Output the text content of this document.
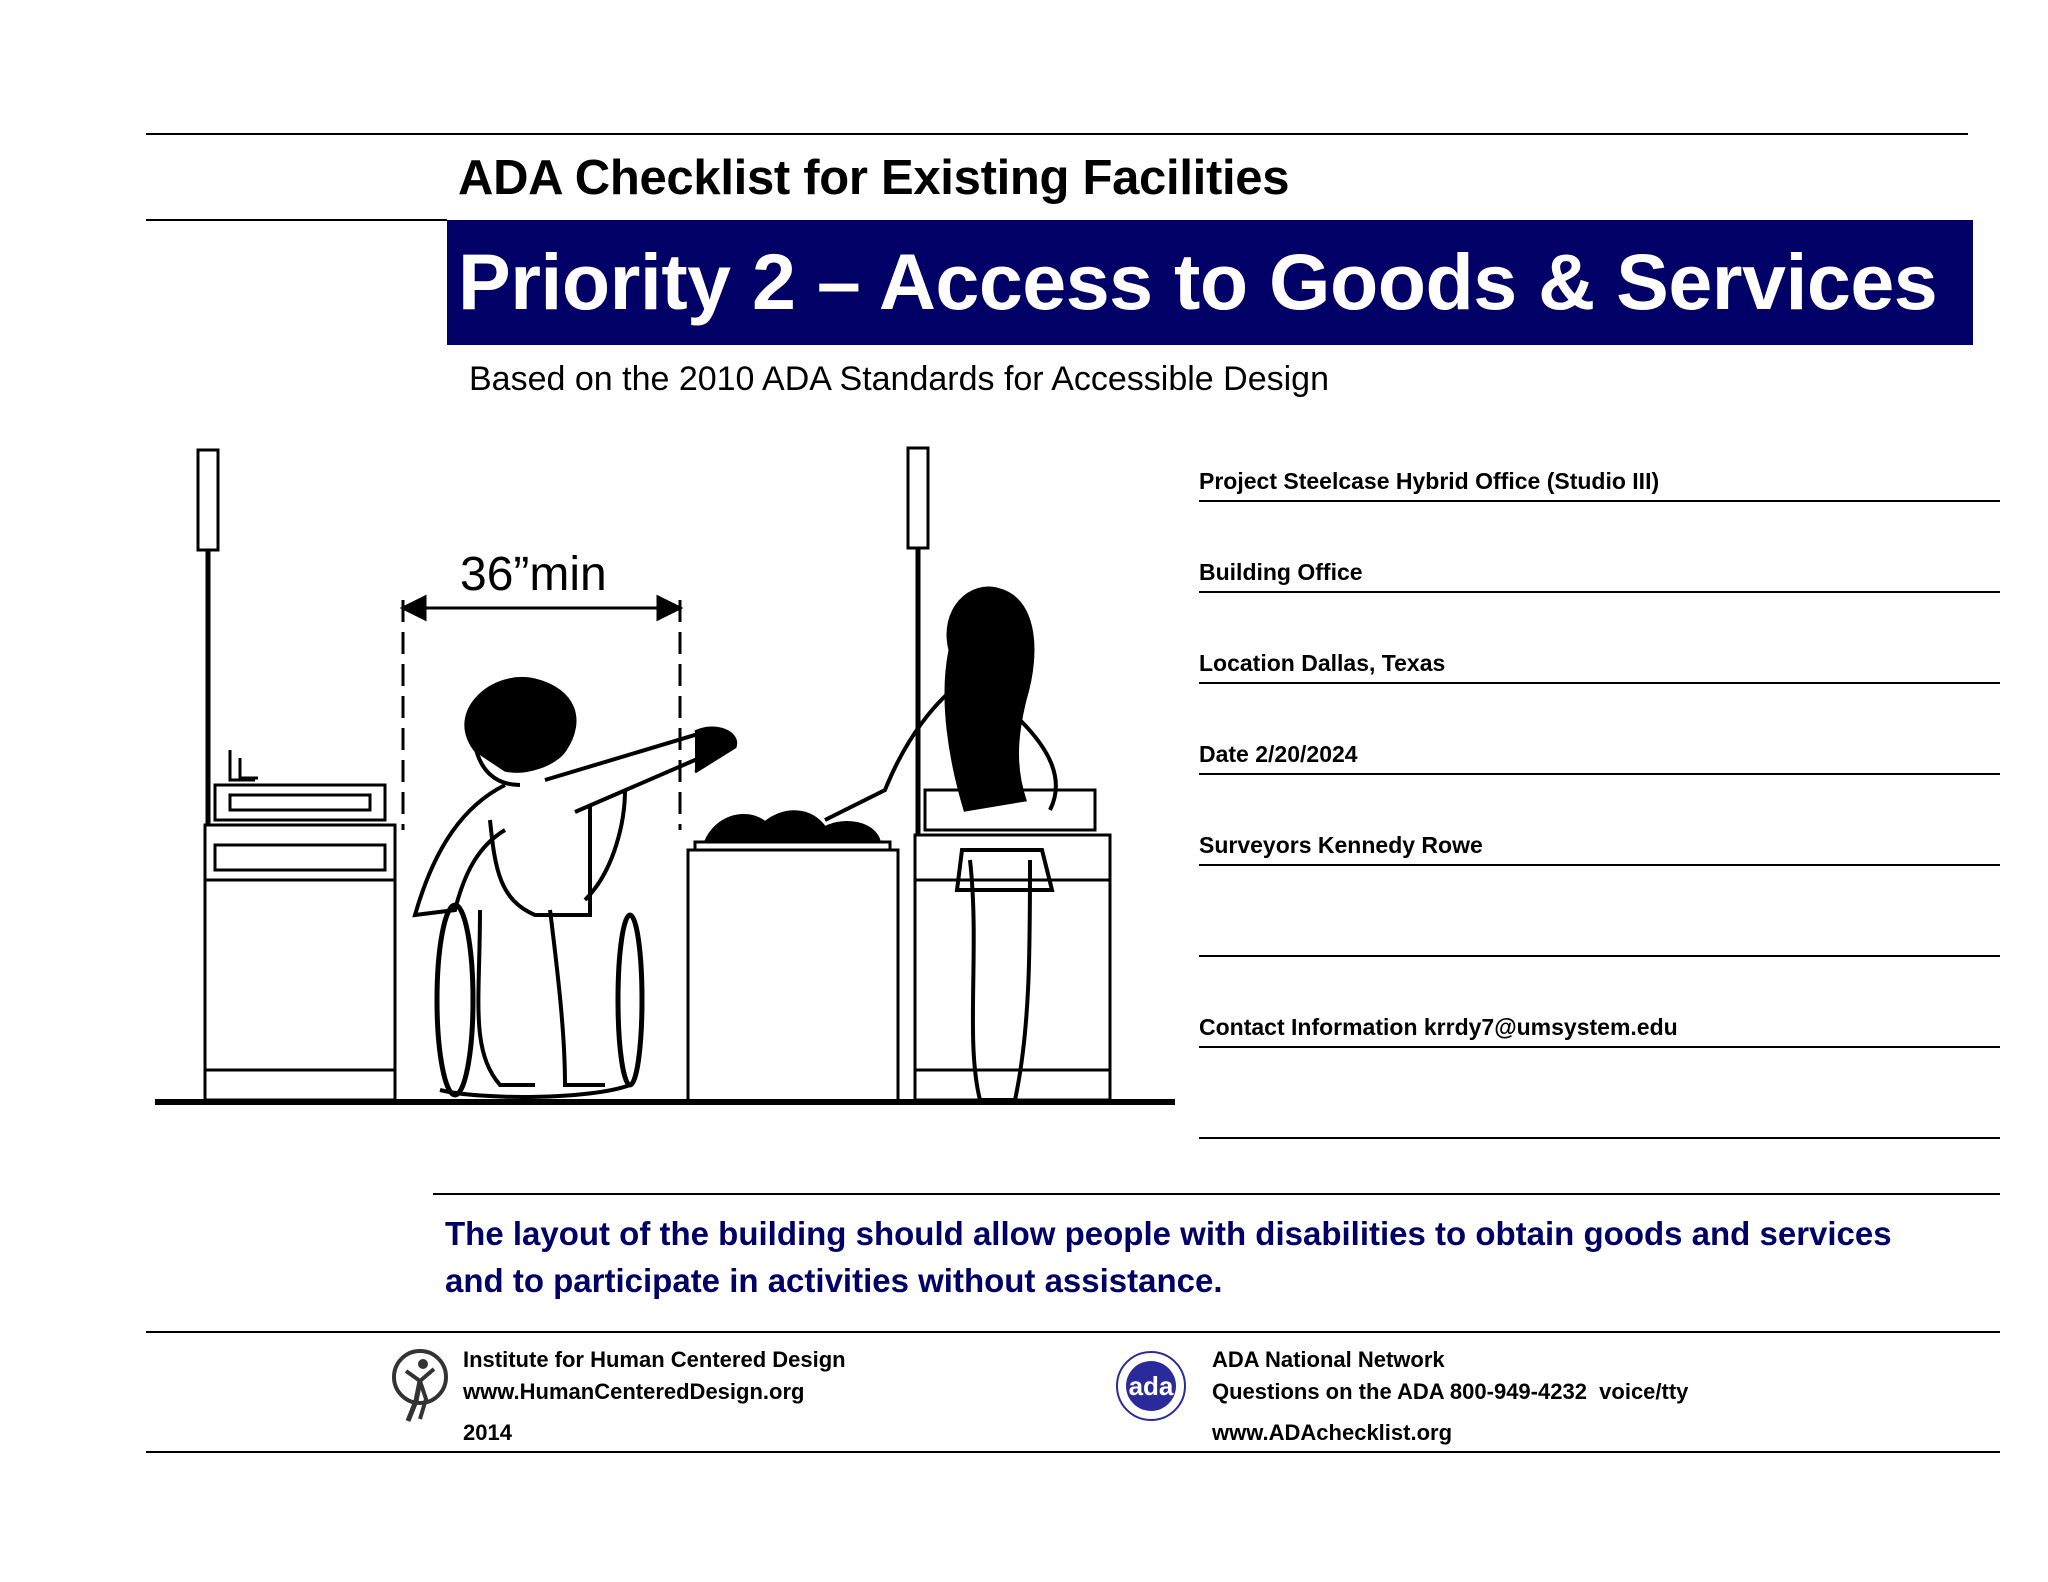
ADA Checklist for Existing Facilities
Priority 2 – Access to Goods & Services
Based on the 2010 ADA Standards for Accessible Design
36”min
Project Steelcase Hybrid Office (Studio III)
Building Office
Location Dallas, Texas
Date 2/20/2024
Surveyors Kennedy Rowe
Contact Information krrdy7@umsystem.edu
The layout of the building should allow people with disabilities to obtain goods and services
and to participate in activities without assistance.
Institute for Human Centered Design
www.HumanCenteredDesign.org
2014
ada
ADA National Network
Questions on the ADA 800-949-4232  voice/tty
www.ADAchecklist.org
